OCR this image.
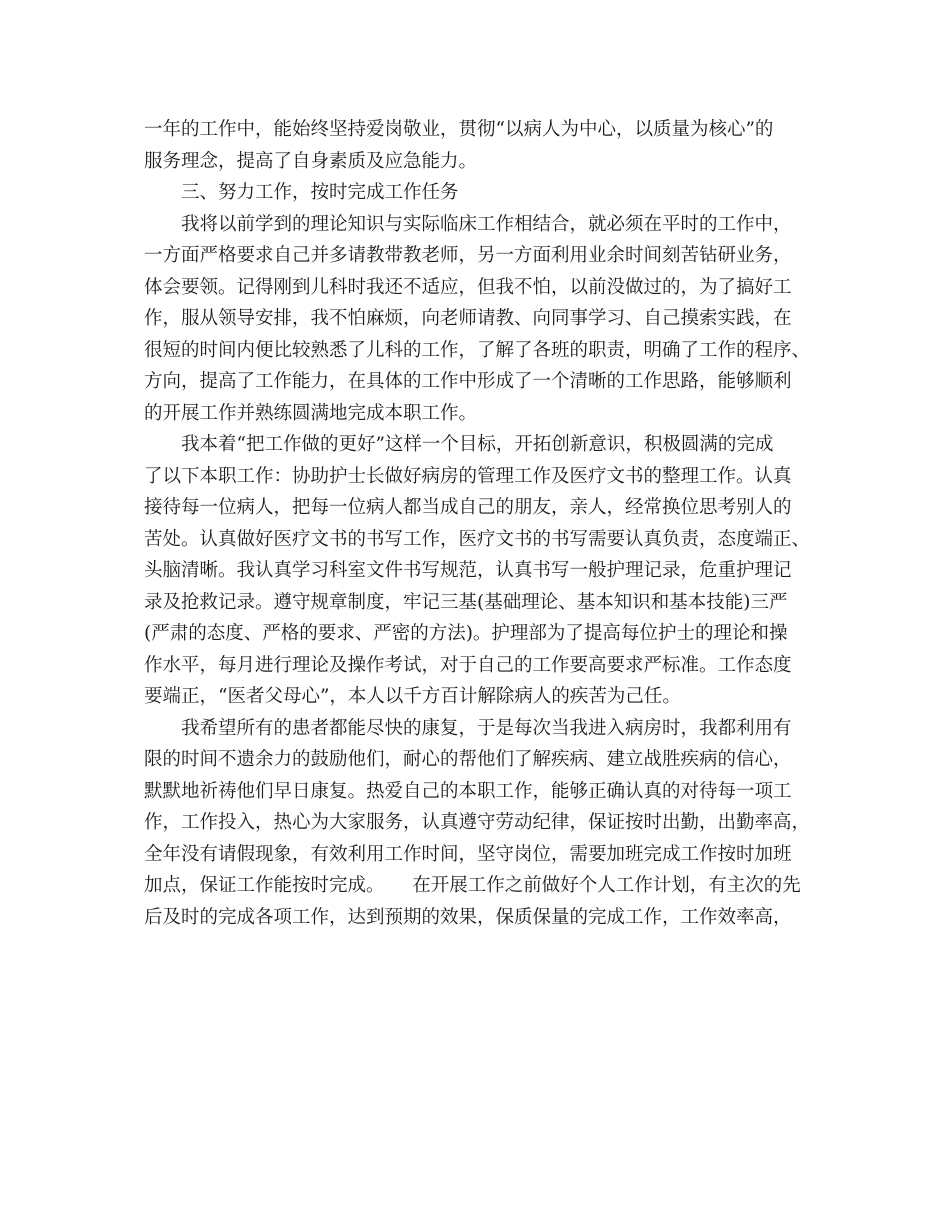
一年的工作中，能始终坚持爱岗敬业，贯彻“以病人为中心，以质量为核心”的
服务理念，提高了自身素质及应急能力。
　　三、努力工作，按时完成工作任务
　　我将以前学到的理论知识与实际临床工作相结合，就必须在平时的工作中，
一方面严格要求自己并多请教带教老师，另一方面利用业余时间刻苦钻研业务，
体会要领。记得刚到儿科时我还不适应，但我不怕，以前没做过的，为了搞好工
作，服从领导安排，我不怕麻烦，向老师请教、向同事学习、自己摸索实践，在
很短的时间内便比较熟悉了儿科的工作，了解了各班的职责，明确了工作的程序、
方向，提高了工作能力，在具体的工作中形成了一个清晰的工作思路，能够顺利
的开展工作并熟练圆满地完成本职工作。
　　我本着“把工作做的更好”这样一个目标，开拓创新意识，积极圆满的完成
了以下本职工作：协助护士长做好病房的管理工作及医疗文书的整理工作。认真
接待每一位病人，把每一位病人都当成自己的朋友，亲人，经常换位思考别人的
苦处。认真做好医疗文书的书写工作，医疗文书的书写需要认真负责，态度端正、
头脑清晰。我认真学习科室文件书写规范，认真书写一般护理记录，危重护理记
录及抢救记录。遵守规章制度，牢记三基(基础理论、基本知识和基本技能)三严
(严肃的态度、严格的要求、严密的方法)。护理部为了提高每位护士的理论和操
作水平，每月进行理论及操作考试，对于自己的工作要高要求严标准。工作态度
要端正，“医者父母心”，本人以千方百计解除病人的疾苦为己任。
　　我希望所有的患者都能尽快的康复，于是每次当我进入病房时，我都利用有
限的时间不遗余力的鼓励他们，耐心的帮他们了解疾病、建立战胜疾病的信心，
默默地祈祷他们早日康复。热爱自己的本职工作，能够正确认真的对待每一项工
作，工作投入，热心为大家服务，认真遵守劳动纪律，保证按时出勤，出勤率高，
全年没有请假现象，有效利用工作时间，坚守岗位，需要加班完成工作按时加班
加点，保证工作能按时完成。　　在开展工作之前做好个人工作计划，有主次的先
后及时的完成各项工作，达到预期的效果，保质保量的完成工作，工作效率高，
